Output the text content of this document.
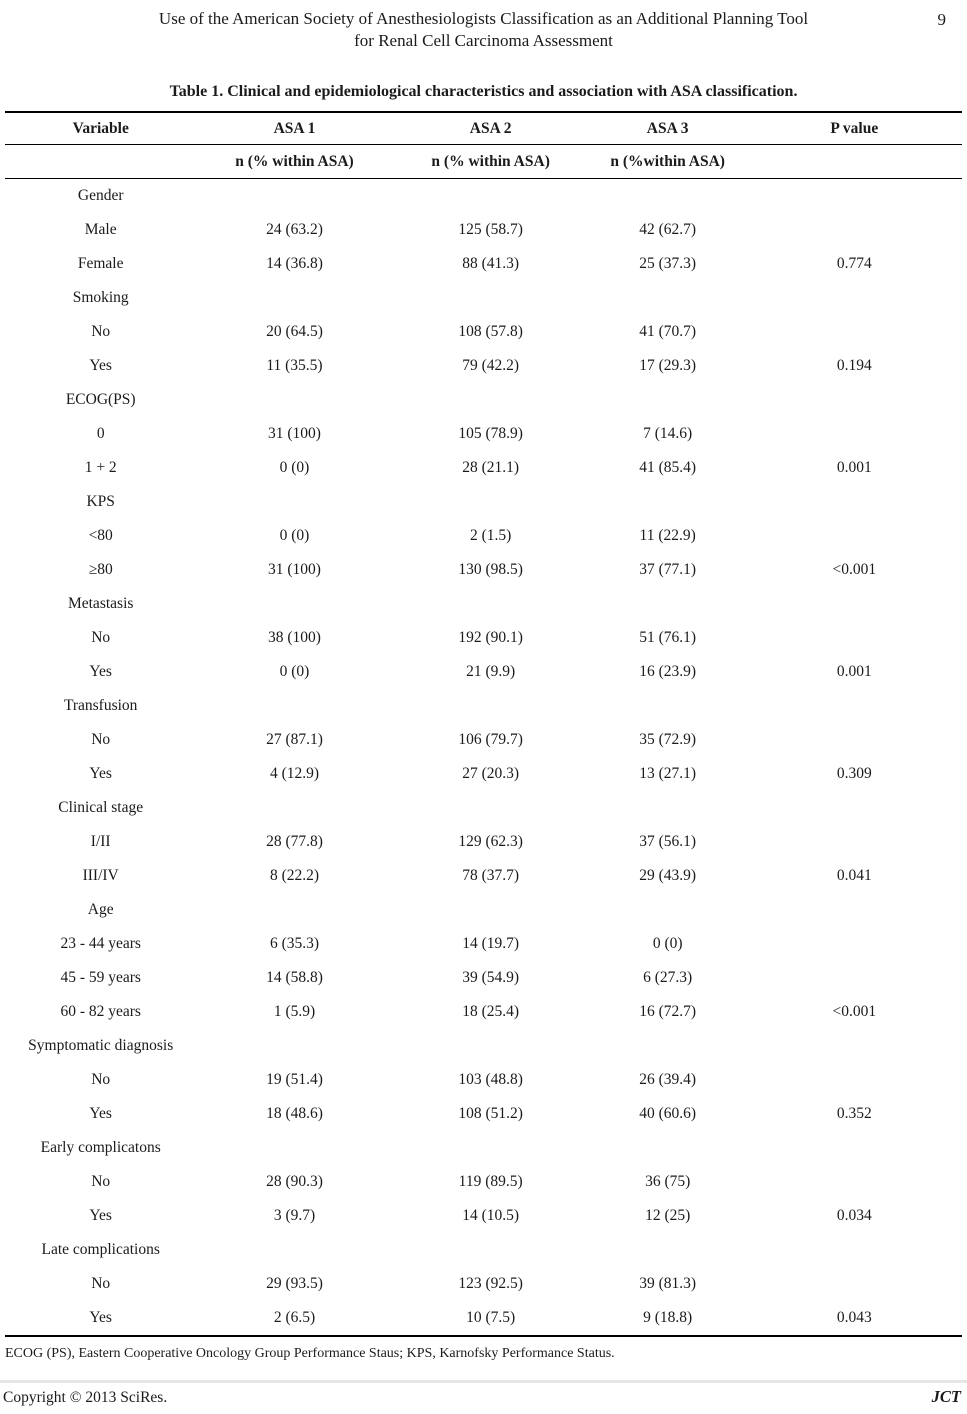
Use of the American Society of Anesthesiologists Classification as an Additional Planning Tool
for Renal Cell Carcinoma Assessment
9
Table 1. Clinical and epidemiological characteristics and association with ASA classification.
Variable	ASA 1	ASA 2	ASA 3	P value
	n (% within ASA)	n (% within ASA)	n (%within ASA)	
Gender				
Male	24 (63.2)	125 (58.7)	42 (62.7)	
Female	14 (36.8)	88 (41.3)	25 (37.3)	0.774
Smoking				
No	20 (64.5)	108 (57.8)	41 (70.7)	
Yes	11 (35.5)	79 (42.2)	17 (29.3)	0.194
ECOG(PS)				
0	31 (100)	105 (78.9)	7 (14.6)	
1 + 2	0 (0)	28 (21.1)	41 (85.4)	0.001
KPS				
<80	0 (0)	2 (1.5)	11 (22.9)	
≥80	31 (100)	130 (98.5)	37 (77.1)	<0.001
Metastasis				
No	38 (100)	192 (90.1)	51 (76.1)	
Yes	0 (0)	21 (9.9)	16 (23.9)	0.001
Transfusion				
No	27 (87.1)	106 (79.7)	35 (72.9)	
Yes	4 (12.9)	27 (20.3)	13 (27.1)	0.309
Clinical stage				
I/II	28 (77.8)	129 (62.3)	37 (56.1)	
III/IV	8 (22.2)	78 (37.7)	29 (43.9)	0.041
Age				
23 - 44 years	6 (35.3)	14 (19.7)	0 (0)	
45 - 59 years	14 (58.8)	39 (54.9)	6 (27.3)	
60 - 82 years	1 (5.9)	18 (25.4)	16 (72.7)	<0.001
Symptomatic diagnosis				
No	19 (51.4)	103 (48.8)	26 (39.4)	
Yes	18 (48.6)	108 (51.2)	40 (60.6)	0.352
Early complicatons				
No	28 (90.3)	119 (89.5)	36 (75)	
Yes	3 (9.7)	14 (10.5)	12 (25)	0.034
Late complications				
No	29 (93.5)	123 (92.5)	39 (81.3)	
Yes	2 (6.5)	10 (7.5)	9 (18.8)	0.043
ECOG (PS), Eastern Cooperative Oncology Group Performance Staus; KPS, Karnofsky Performance Status.
Copyright © 2013 SciRes.	JCT
